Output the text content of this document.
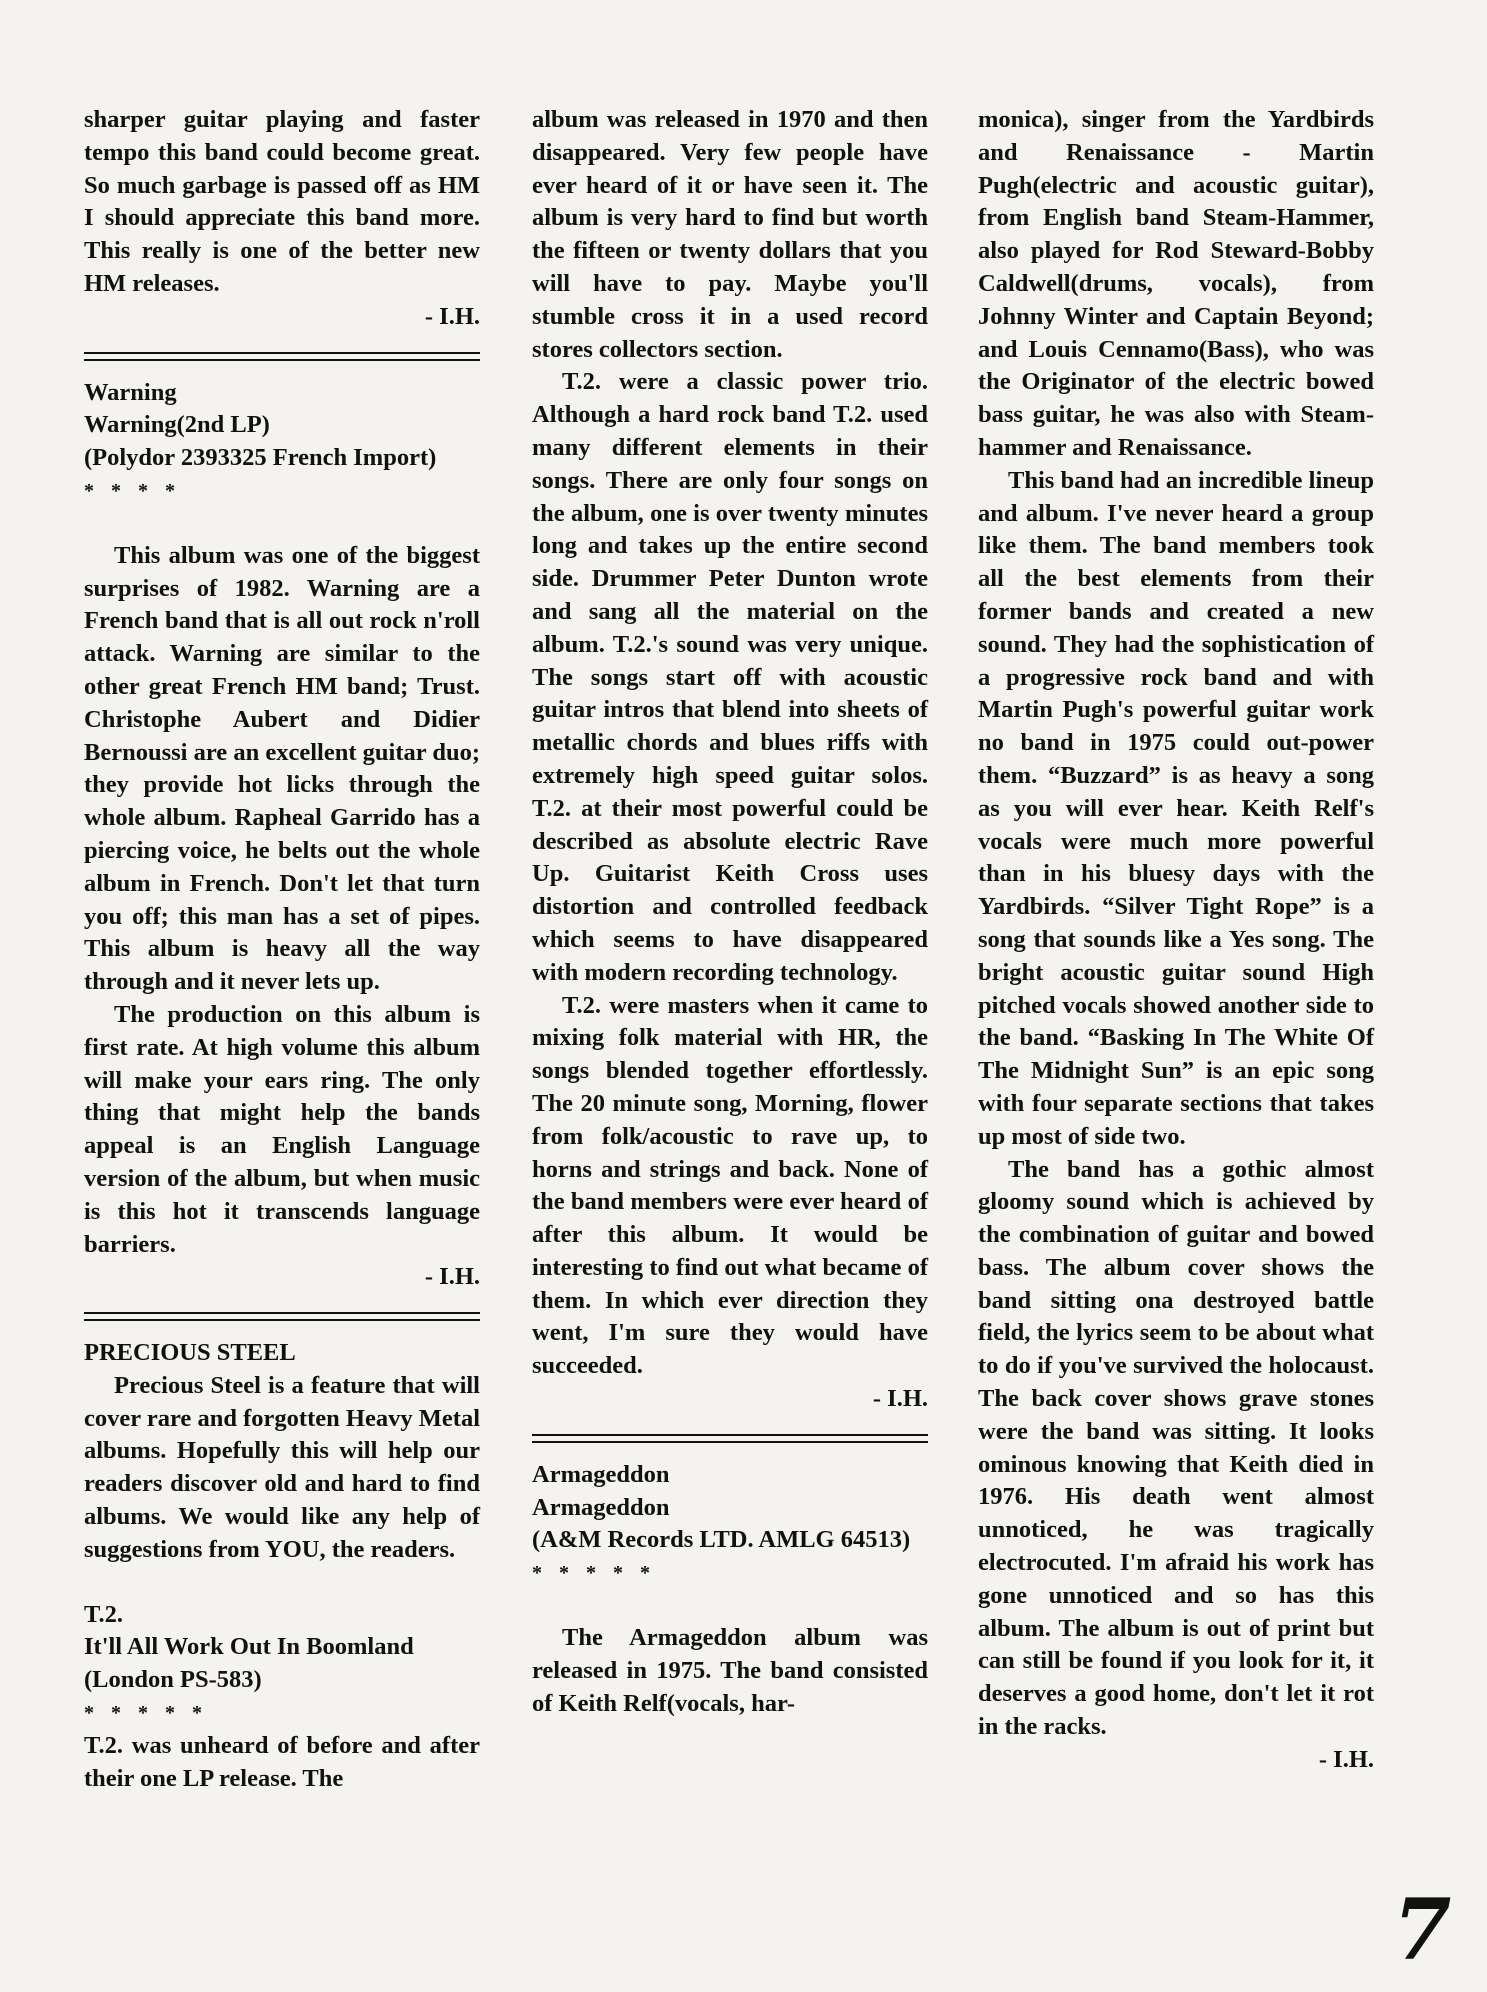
sharper guitar playing and faster tempo this band could become great. So much garbage is passed off as HM I should appreciate this band more. This really is one of the better new HM releases.

- I.H.

Warning

Warning(2nd LP)

(Polydor 2393325 French Import)

* * * *

This album was one of the biggest surprises of 1982. Warning are a French band that is all out rock n'roll attack. Warning are similar to the other great French HM band; Trust. Christophe Aubert and Didier Bernoussi are an excellent guitar duo; they provide hot licks through the whole album. Rapheal Garrido has a piercing voice, he belts out the whole album in French. Don't let that turn you off; this man has a set of pipes. This album is heavy all the way through and it never lets up.

The production on this album is first rate. At high volume this album will make your ears ring. The only thing that might help the bands appeal is an English Language version of the album, but when music is this hot it transcends language barriers.

- I.H.

PRECIOUS STEEL

Precious Steel is a feature that will cover rare and forgotten Heavy Metal albums. Hopefully this will help our readers discover old and hard to find albums. We would like any help of suggestions from YOU, the readers.

T.2.

It'll All Work Out In Boomland

(London PS-583)

* * * * *

T.2. was unheard of before and after their one LP release. The

album was released in 1970 and then disappeared. Very few people have ever heard of it or have seen it. The album is very hard to find but worth the fifteen or twenty dollars that you will have to pay. Maybe you'll stumble cross it in a used record stores collectors section.

T.2. were a classic power trio. Although a hard rock band T.2. used many different elements in their songs. There are only four songs on the album, one is over twenty minutes long and takes up the entire second side. Drummer Peter Dunton wrote and sang all the material on the album. T.2.'s sound was very unique. The songs start off with acoustic guitar intros that blend into sheets of metallic chords and blues riffs with extremely high speed guitar solos. T.2. at their most powerful could be described as absolute electric Rave Up. Guitarist Keith Cross uses distortion and controlled feedback which seems to have disappeared with modern recording technology.

T.2. were masters when it came to mixing folk material with HR, the songs blended together effortlessly. The 20 minute song, Morning, flower from folk/acoustic to rave up, to horns and strings and back. None of the band members were ever heard of after this album. It would be interesting to find out what became of them. In which ever direction they went, I'm sure they would have succeeded.

- I.H.

Armageddon

Armageddon

(A&M Records LTD. AMLG 64513)

* * * * *

The Armageddon album was released in 1975. The band consisted of Keith Relf(vocals, har-

monica), singer from the Yardbirds and Renaissance - Martin Pugh(electric and acoustic guitar), from English band Steam-Hammer, also played for Rod Steward-Bobby Caldwell(drums, vocals), from Johnny Winter and Captain Beyond; and Louis Cennamo(Bass), who was the Originator of the electric bowed bass guitar, he was also with Steam-hammer and Renaissance.

This band had an incredible lineup and album. I've never heard a group like them. The band members took all the best elements from their former bands and created a new sound. They had the sophistication of a progressive rock band and with Martin Pugh's powerful guitar work no band in 1975 could out-power them. “Buzzard” is as heavy a song as you will ever hear. Keith Relf's vocals were much more powerful than in his bluesy days with the Yardbirds. “Silver Tight Rope” is a song that sounds like a Yes song. The bright acoustic guitar sound High pitched vocals showed another side to the band. “Basking In The White Of The Midnight Sun” is an epic song with four separate sections that takes up most of side two.

The band has a gothic almost gloomy sound which is achieved by the combination of guitar and bowed bass. The album cover shows the band sitting ona destroyed battle field, the lyrics seem to be about what to do if you've survived the holocaust. The back cover shows grave stones were the band was sitting. It looks ominous knowing that Keith died in 1976. His death went almost unnoticed, he was tragically electrocuted. I'm afraid his work has gone unnoticed and so has this album. The album is out of print but can still be found if you look for it, it deserves a good home, don't let it rot in the racks.

- I.H.

7
